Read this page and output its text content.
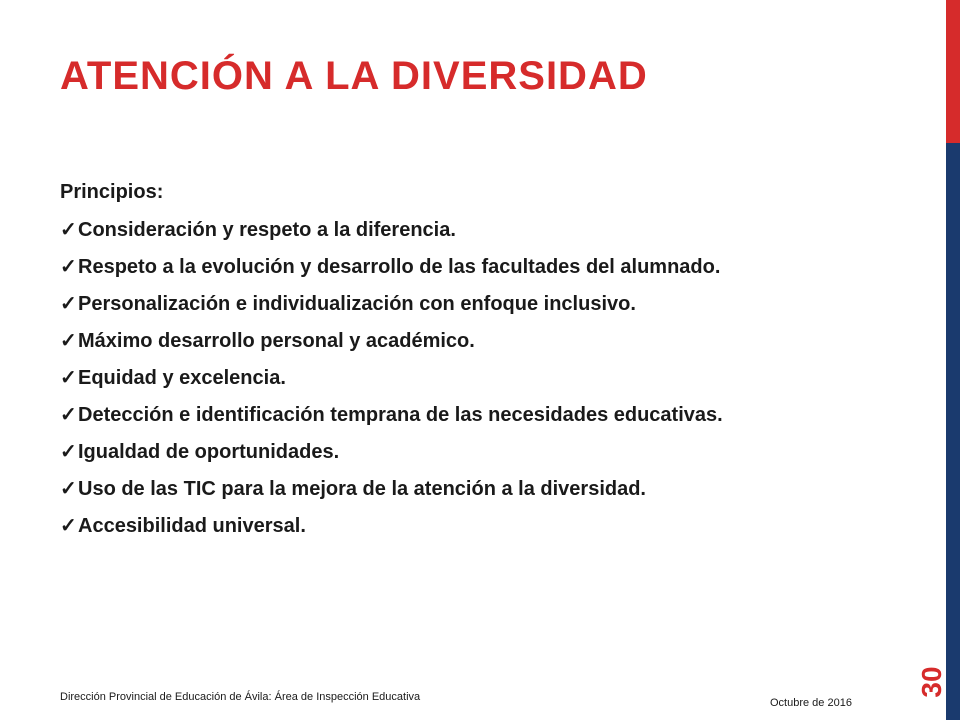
ATENCIÓN A LA DIVERSIDAD

Principios:

✓ Consideración y respeto a la diferencia.
✓ Respeto a la evolución y desarrollo de las facultades del alumnado.
✓ Personalización e individualización con enfoque inclusivo.
✓ Máximo desarrollo personal y académico.
✓ Equidad y excelencia.
✓ Detección e identificación temprana de las necesidades educativas.
✓ Igualdad de oportunidades.
✓ Uso de las TIC para la mejora de la atención a la diversidad.
✓ Accesibilidad universal.
30
Dirección Provincial de Educación de Ávila: Área de Inspección Educativa	Octubre de 2016
